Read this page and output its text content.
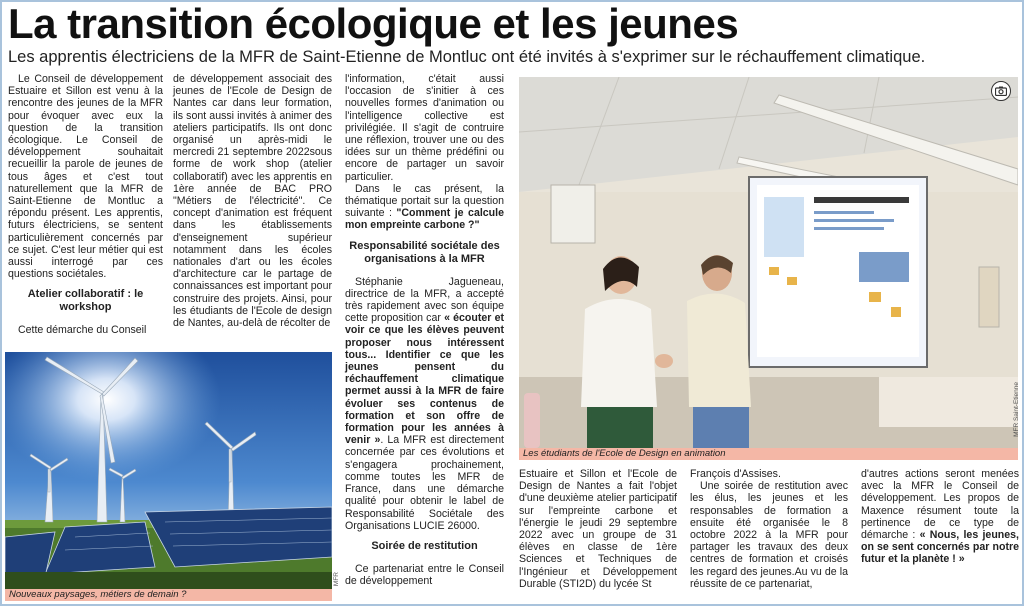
La transition écologique et les jeunes
Les apprentis électriciens de la MFR de Saint-Etienne de Montluc ont été invités à s'exprimer sur le réchauffement climatique.

Le Conseil de développement Estuaire et Sillon est venu à la rencontre des jeunes de la MFR pour évoquer avec eux la question de la transition écologique. Le Conseil de développement souhaitait recueillir la parole de jeunes de tous âges et c'est tout naturellement que la MFR de Saint-Etienne de Montluc a répondu présent. Les apprentis, futurs électriciens, se sentent particulièrement concernés par ce sujet. C'est leur métier qui est aussi interrogé par ces questions sociétales.

Atelier collaboratif : le workshop

Cette démarche du Conseil

de développement associait des jeunes de l'Ecole de Design de Nantes car dans leur formation, ils sont aussi invités à animer des ateliers participatifs. Ils ont donc organisé un après-midi le mercredi 21 septembre 2022sous forme de work shop (atelier collaboratif) avec les apprentis en 1ère année de BAC PRO "Métiers de l'électricité". Ce concept d'animation est fréquent dans les établissements d'enseignement supérieur notamment dans les écoles nationales d'art ou les écoles d'architecture car le partage de connaissances est important pour construire des projets. Ainsi, pour les étudiants de l'Ecole de design de Nantes, au-delà de récolter de

l'information, c'était aussi l'occasion de s'initier à ces nouvelles formes d'animation ou l'intelligence collective est privilégiée. Il s'agit de contruire une réflexion, trouver une ou des idées sur un thème prédéfini ou encore de partager un savoir particulier.

Dans le cas présent, la thématique portait sur la question suivante : "Comment je calcule mon empreinte carbone ?"

Responsabilité sociétale des organisations à la MFR

Stéphanie Jagueneau, directrice de la MFR, a accepté très rapidement avec son équipe cette proposition car « écouter et voir ce que les élèves peuvent proposer nous intéressent tous... Identifier ce que les jeunes pensent du réchauffement climatique permet aussi à la MFR de faire évoluer ses contenus de formation et son offre de formation pour les années à venir ». La MFR est directement concernée par ces évolutions et s'engagera prochainement, comme toutes les MFR de France, dans une démarche qualité pour obtenir le label de Responsabilité Sociétale des Organisations LUCIE 26000.

Soirée de restitution

Ce partenariat entre le Conseil de développement

Estuaire et Sillon et l'Ecole de Design de Nantes a fait l'objet d'une deuxième atelier participatif sur l'empreinte carbone et l'énergie le jeudi 29 septembre 2022 avec un groupe de 31 élèves en classe de 1ère Sciences et Techniques de l'Ingénieur et Développement Durable (STI2D) du lycée St

François d'Assises.

Une soirée de restitution avec les élus, les jeunes et les responsables de formation a ensuite été organisée le 8 octobre 2022 à la MFR pour partager les travaux des deux centres de formation et croisés les regard des jeunes.Au vu de la réussite de ce partenariat,

d'autres actions seront menées avec la MFR le Conseil de développement. Les propos de Maxence résument toute la pertinence de ce type de démarche : « Nous, les jeunes, on se sent concernés par notre futur et la planète ! »

Nouveaux paysages, métiers de demain ?
MFR
Les étudiants de l'Ecole de Design en animation
MFR Saint-Etienne
